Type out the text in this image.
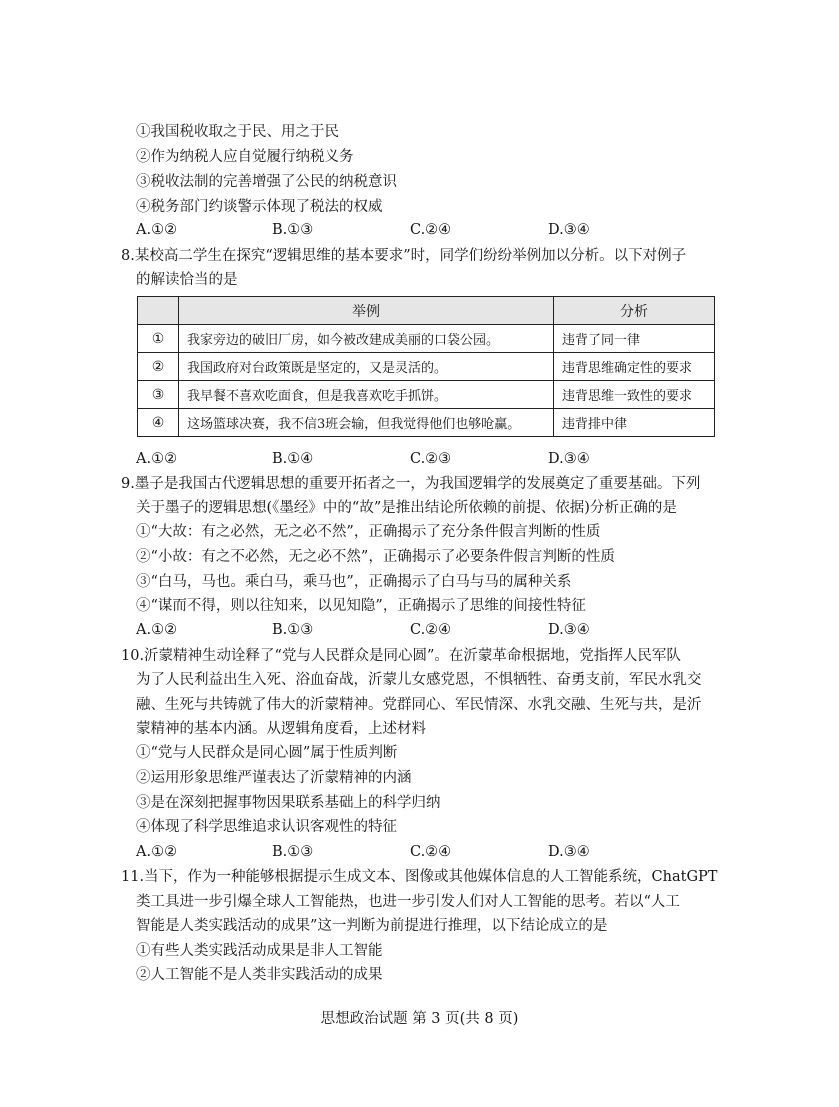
①我国税收取之于民、用之于民
②作为纳税人应自觉履行纳税义务
③税收法制的完善增强了公民的纳税意识
④税务部门约谈警示体现了税法的权威
A.①②	B.①③	C.②④	D.③④
8.某校高二学生在探究“逻辑思维的基本要求”时，同学们纷纷举例加以分析。以下对例子
的解读恰当的是
	举例	分析
①	我家旁边的破旧厂房，如今被改建成美丽的口袋公园。	违背了同一律
②	我国政府对台政策既是坚定的，又是灵活的。	违背思维确定性的要求
③	我早餐不喜欢吃面食，但是我喜欢吃手抓饼。	违背思维一致性的要求
④	这场篮球决赛，我不信3班会输，但我觉得他们也够呛赢。	违背排中律
A.①②	B.①④	C.②③	D.③④
9.墨子是我国古代逻辑思想的重要开拓者之一，为我国逻辑学的发展奠定了重要基础。下列
关于墨子的逻辑思想(《墨经》中的“故”是推出结论所依赖的前提、依据)分析正确的是
①“大故：有之必然，无之必不然”，正确揭示了充分条件假言判断的性质
②“小故：有之不必然，无之必不然”，正确揭示了必要条件假言判断的性质
③“白马，马也。乘白马，乘马也”，正确揭示了白马与马的属种关系
④“谋而不得，则以往知来，以见知隐”，正确揭示了思维的间接性特征
A.①②	B.①③	C.②④	D.③④
10.沂蒙精神生动诠释了“党与人民群众是同心圆”。在沂蒙革命根据地，党指挥人民军队
为了人民利益出生入死、浴血奋战，沂蒙儿女感党恩，不惧牺牲、奋勇支前，军民水乳交
融、生死与共铸就了伟大的沂蒙精神。党群同心、军民情深、水乳交融、生死与共，是沂
蒙精神的基本内涵。从逻辑角度看，上述材料
①“党与人民群众是同心圆”属于性质判断
②运用形象思维严谨表达了沂蒙精神的内涵
③是在深刻把握事物因果联系基础上的科学归纳
④体现了科学思维追求认识客观性的特征
A.①②	B.①③	C.②④	D.③④
11.当下，作为一种能够根据提示生成文本、图像或其他媒体信息的人工智能系统，ChatGPT
类工具进一步引爆全球人工智能热，也进一步引发人们对人工智能的思考。若以“人工
智能是人类实践活动的成果”这一判断为前提进行推理，以下结论成立的是
①有些人类实践活动成果是非人工智能
②人工智能不是人类非实践活动的成果
思想政治试题 第 3 页(共 8 页)
